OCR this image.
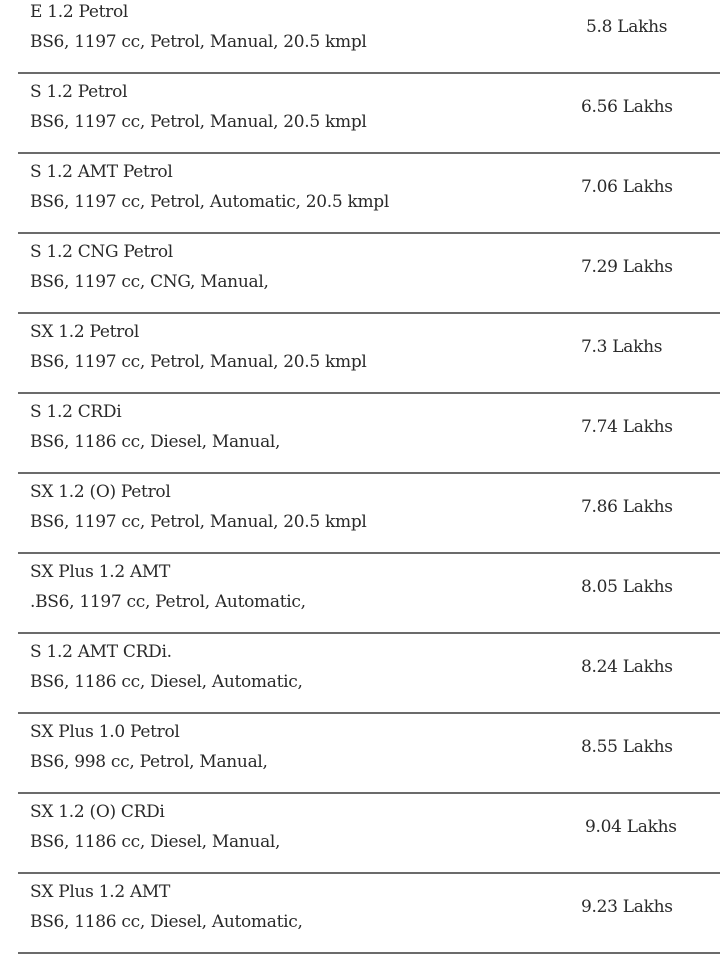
E 1.2 Petrol
BS6, 1197 cc, Petrol, Manual, 20.5 kmpl
5.8 Lakhs
S 1.2 Petrol
BS6, 1197 cc, Petrol, Manual, 20.5 kmpl
6.56 Lakhs
S 1.2 AMT Petrol
BS6, 1197 cc, Petrol, Automatic, 20.5 kmpl
7.06 Lakhs
S 1.2 CNG Petrol
BS6, 1197 cc, CNG, Manual,
7.29 Lakhs
SX 1.2 Petrol
BS6, 1197 cc, Petrol, Manual, 20.5 kmpl
7.3 Lakhs
S 1.2 CRDi
BS6, 1186 cc, Diesel, Manual,
7.74 Lakhs
SX 1.2 (O) Petrol
BS6, 1197 cc, Petrol, Manual, 20.5 kmpl
7.86 Lakhs
SX Plus 1.2 AMT
.BS6, 1197 cc, Petrol, Automatic,
8.05 Lakhs
S 1.2 AMT CRDi.
BS6, 1186 cc, Diesel, Automatic,
8.24 Lakhs
SX Plus 1.0 Petrol
BS6, 998 cc, Petrol, Manual,
8.55 Lakhs
SX 1.2 (O) CRDi
BS6, 1186 cc, Diesel, Manual,
9.04 Lakhs
SX Plus 1.2 AMT
BS6, 1186 cc, Diesel, Automatic,
9.23 Lakhs
